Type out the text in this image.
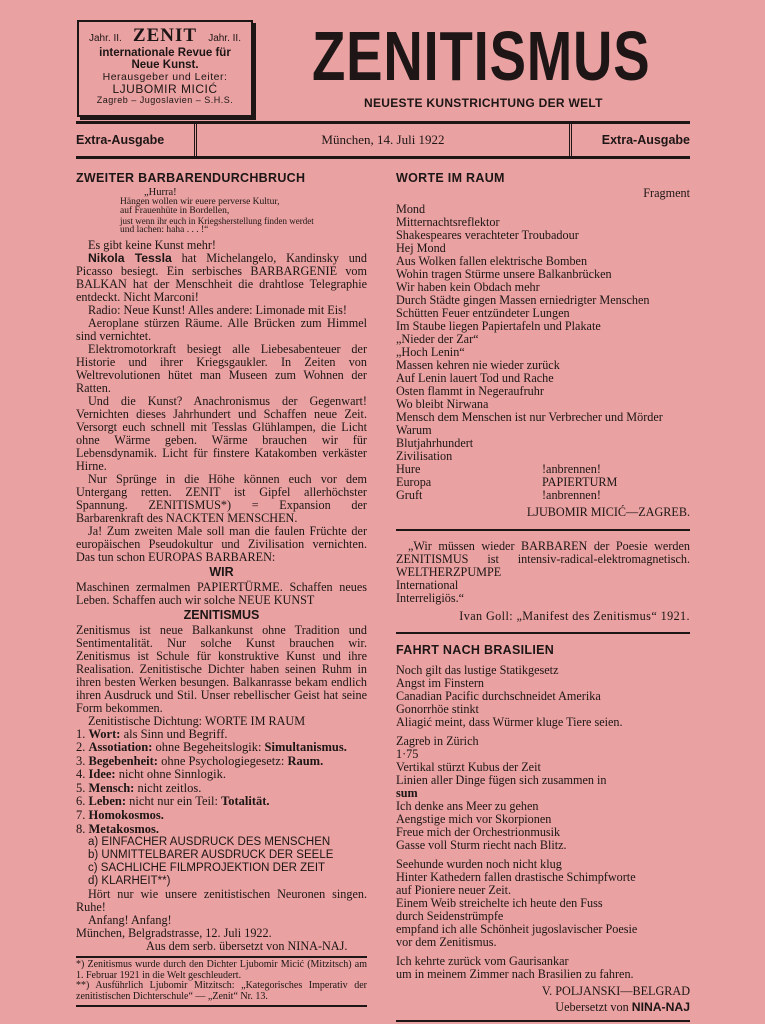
Jahr. II. ZENIT Jahr. II.
internationale Revue für
Neue Kunst.
Herausgeber und Leiter:
LJUBOMIR MICIĆ
Zagreb – Jugoslavien – S.H.S.
ZENITISMUS
NEUESTE KUNSTRICHTUNG DER WELT
Extra-Ausgabe	München, 14. Juli 1922	Extra-Ausgabe
ZWEITER BARBARENDURCHBRUCH
„Hurra!
Hängen wollen wir euere perverse Kultur,
auf Frauenhüte in Bordellen,
just wenn ihr euch in Kriegsherstellung finden werdet
und lachen: haha . . . !“

Es gibt keine Kunst mehr!

Nikola Tessla hat Michelangelo, Kandinsky und Picasso besiegt. Ein serbisches BARBARGENIE vom BALKAN hat der Menschheit die drahtlose Telegraphie entdeckt. Nicht Marconi!

Radio: Neue Kunst! Alles andere: Limonade mit Eis!

Aeroplane stürzen Räume. Alle Brücken zum Himmel sind vernichtet.

Elektromotorkraft besiegt alle Liebesabenteuer der Historie und ihrer Kriegsgaukler. In Zeiten von Weltrevolutionen hütet man Museen zum Wohnen der Ratten.

Und die Kunst? Anachronismus der Gegenwart! Vernichten dieses Jahrhundert und Schaffen neue Zeit. Versorgt euch schnell mit Tesslas Glühlampen, die Licht ohne Wärme geben. Wärme brauchen wir für Lebensdynamik. Licht für finstere Katakomben verkäster Hirne.

Nur Sprünge in die Höhe können euch vor dem Untergang retten. ZENIT ist Gipfel allerhöchster Spannung. ZENITISMUS*) = Expansion der Barbarenkraft des NACKTEN MENSCHEN.

Ja! Zum zweiten Male soll man die faulen Früchte der europäischen Pseudokultur und Zivilisation vernichten. Das tun schon EUROPAS BARBAREN:

WIR

Maschinen zermalmen PAPIERTÜRME. Schaffen neues Leben. Schaffen auch wir solche NEUE KUNST

ZENITISMUS

Zenitismus ist neue Balkankunst ohne Tradition und Sentimentalität. Nur solche Kunst brauchen wir. Zenitismus ist Schule für konstruktive Kunst und ihre Realisation. Zenitistische Dichter haben seinen Ruhm in ihren besten Werken besungen. Balkanrasse bekam endlich ihren Ausdruck und Stil. Unser rebellischer Geist hat seine Form bekommen.

Zenitistische Dichtung: WORTE IM RAUM

1. Wort: als Sinn und Begriff.
2. Assotiation: ohne Begeheitslogik: Simultanismus.
3. Begebenheit: ohne Psychologiegesetz: Raum.
4. Idee: nicht ohne Sinnlogik.
5. Mensch: nicht zeitlos.
6. Leben: nicht nur ein Teil: Totalität.
7. Homokosmos.
8. Metakosmos.
a) EINFACHER AUSDRUCK DES MENSCHEN
b) UNMITTELBARER AUSDRUCK DER SEELE
c) SACHLICHE FILMPROJEKTION DER ZEIT
d) KLARHEIT**)

Hört nur wie unsere zenitistischen Neuronen singen. Ruhe!

Anfang! Anfang!

München, Belgradstrasse, 12. Juli 1922.

Aus dem serb. übersetzt von NINA-NAJ.

*) Zenitismus wurde durch den Dichter Ljubomir Micić (Mitzitsch) am 1. Februar 1921 in die Welt geschleudert.
**) Ausführlich Ljubomir Mitzitsch: „Kategorisches Imperativ der zenitistischen Dichterschule“ — „Zenit“ Nr. 13.
WORTE IM RAUM
Fragment
Mond
Mitternachtsreflektor
Shakespeares verachteter Troubadour
Hej Mond
Aus Wolken fallen elektrische Bomben
Wohin tragen Stürme unsere Balkanbrücken
Wir haben kein Obdach mehr
Durch Städte gingen Massen erniedrigter Menschen
Schütten Feuer entzündeter Lungen
Im Staube liegen Papiertafeln und Plakate
„Nieder der Zar“
„Hoch Lenin“
Massen kehren nie wieder zurück
Auf Lenin lauert Tod und Rache
Osten flammt in Negeraufruhr
Wo bleibt Nirwana
Mensch dem Menschen ist nur Verbrecher und Mörder
Warum
Blutjahrhundert
Zivilisation
Hure	!anbrennen!
Europa	PAPIERTURM
Gruft	!anbrennen!
LJUBOMIR MICIĆ—ZAGREB.
„Wir müssen wieder BARBAREN der Poesie werden ZENITISMUS ist intensiv-radical-elektromagnetisch. WELTHERZPUMPE
International
Interreligiös.“
Ivan Goll: „Manifest des Zenitismus“ 1921.
FAHRT NACH BRASILIEN
Noch gilt das lustige Statikgesetz
Angst im Finstern
Canadian Pacific durchschneidet Amerika
Gonorrhöe stinkt
Aliagić meint, dass Würmer kluge Tiere seien.
Zagreb in Zürich
1·75
Vertikal stürzt Kubus der Zeit
Linien aller Dinge fügen sich zusammen in
sum
Ich denke ans Meer zu gehen
Aengstige mich vor Skorpionen
Freue mich der Orchestrionmusik
Gasse voll Sturm riecht nach Blitz.
Seehunde wurden noch nicht klug
Hinter Kathedern fallen drastische Schimpfworte
auf Pioniere neuer Zeit.
Einem Weib streichelte ich heute den Fuss
durch Seidenstrümpfe
empfand ich alle Schönheit jugoslavischer Poesie
vor dem Zenitismus.
Ich kehrte zurück vom Gaurisankar
um in meinem Zimmer nach Brasilien zu fahren.
V. POLJANSKI—BELGRAD
Uebersetzt von NINA-NAJ
